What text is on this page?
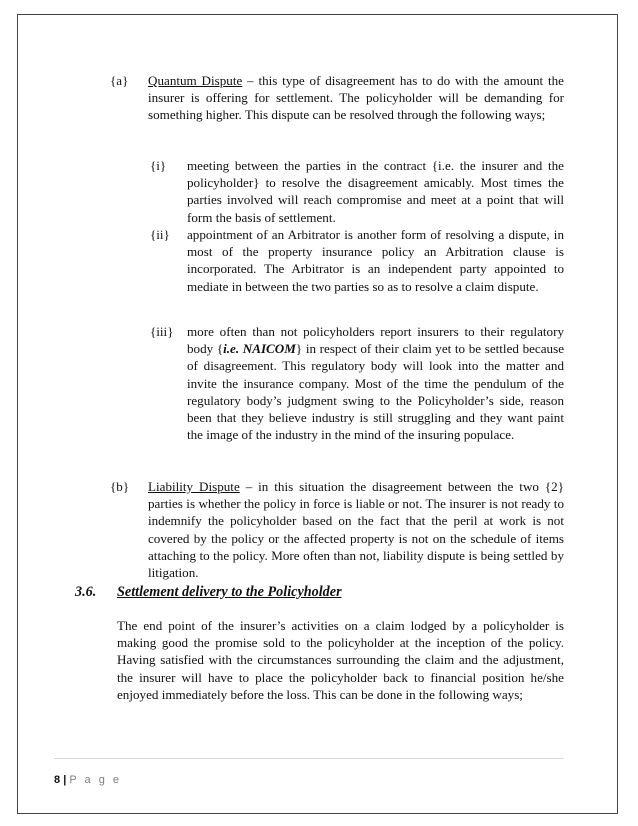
{a} Quantum Dispute – this type of disagreement has to do with the amount the insurer is offering for settlement. The policyholder will be demanding for something higher. This dispute can be resolved through the following ways;
{i} meeting between the parties in the contract {i.e. the insurer and the policyholder} to resolve the disagreement amicably. Most times the parties involved will reach compromise and meet at a point that will form the basis of settlement.
{ii} appointment of an Arbitrator is another form of resolving a dispute, in most of the property insurance policy an Arbitration clause is incorporated. The Arbitrator is an independent party appointed to mediate in between the two parties so as to resolve a claim dispute.
{iii} more often than not policyholders report insurers to their regulatory body {i.e. NAICOM} in respect of their claim yet to be settled because of disagreement. This regulatory body will look into the matter and invite the insurance company. Most of the time the pendulum of the regulatory body’s judgment swing to the Policyholder’s side, reason been that they believe industry is still struggling and they want paint the image of the industry in the mind of the insuring populace.
{b} Liability Dispute – in this situation the disagreement between the two {2} parties is whether the policy in force is liable or not. The insurer is not ready to indemnify the policyholder based on the fact that the peril at work is not covered by the policy or the affected property is not on the schedule of items attaching to the policy. More often than not, liability dispute is being settled by litigation.
3.6. Settlement delivery to the Policyholder
The end point of the insurer’s activities on a claim lodged by a policyholder is making good the promise sold to the policyholder at the inception of the policy. Having satisfied with the circumstances surrounding the claim and the adjustment, the insurer will have to place the policyholder back to financial position he/she enjoyed immediately before the loss. This can be done in the following ways;
8 | P a g e
